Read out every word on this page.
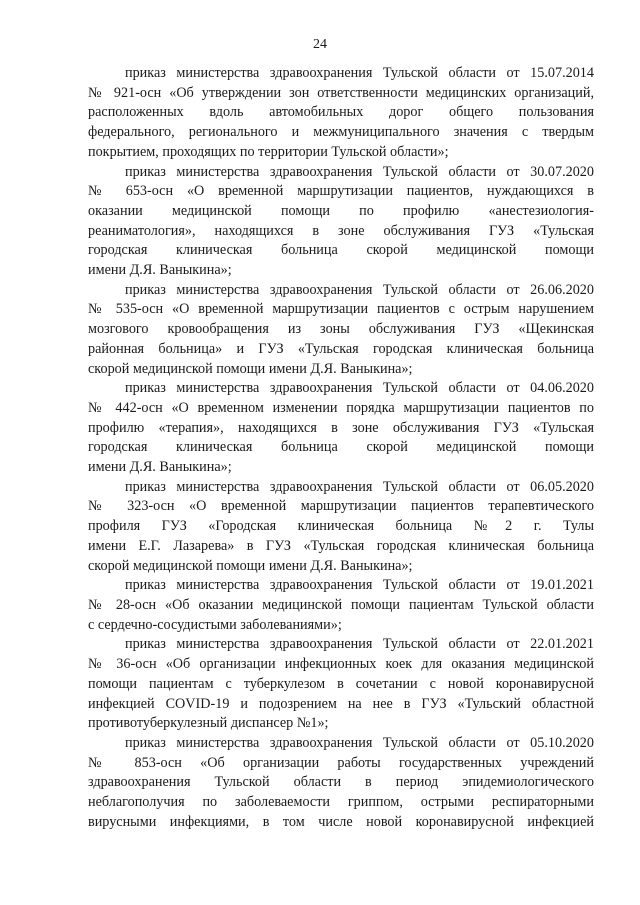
24

приказ министерства здравоохранения Тульской области от 15.07.2014
№ 921-осн «Об утверждении зон ответственности медицинских организаций,
расположенных вдоль автомобильных дорог общего пользования
федерального, регионального и межмуниципального значения с твердым
покрытием, проходящих по территории Тульской области»;

приказ министерства здравоохранения Тульской области от 30.07.2020
№ 653-осн «О временной маршрутизации пациентов, нуждающихся в
оказании медицинской помощи по профилю «анестезиология-
реаниматология», находящихся в зоне обслуживания ГУЗ «Тульская
городская клиническая больница скорой медицинской помощи
имени Д.Я. Ваныкина»;

приказ министерства здравоохранения Тульской области от 26.06.2020
№ 535-осн «О временной маршрутизации пациентов с острым нарушением
мозгового кровообращения из зоны обслуживания ГУЗ «Щекинская
районная больница» и ГУЗ «Тульская городская клиническая больница
скорой медицинской помощи имени Д.Я. Ваныкина»;

приказ министерства здравоохранения Тульской области от 04.06.2020
№ 442-осн «О временном изменении порядка маршрутизации пациентов по
профилю «терапия», находящихся в зоне обслуживания ГУЗ «Тульская
городская клиническая больница скорой медицинской помощи
имени Д.Я. Ваныкина»;

приказ министерства здравоохранения Тульской области от 06.05.2020
№ 323-осн «О временной маршрутизации пациентов терапевтического
профиля ГУЗ «Городская клиническая больница №2 г. Тулы
имени Е.Г. Лазарева» в ГУЗ «Тульская городская клиническая больница
скорой медицинской помощи имени Д.Я. Ваныкина»;

приказ министерства здравоохранения Тульской области от 19.01.2021
№ 28-осн «Об оказании медицинской помощи пациентам Тульской области
с сердечно-сосудистыми заболеваниями»;

приказ министерства здравоохранения Тульской области от 22.01.2021
№ 36-осн «Об организации инфекционных коек для оказания медицинской
помощи пациентам с туберкулезом в сочетании с новой коронавирусной
инфекцией COVID-19 и подозрением на нее в ГУЗ «Тульский областной
противотуберкулезный диспансер №1»;

приказ министерства здравоохранения Тульской области от 05.10.2020
№ 853-осн «Об организации работы государственных учреждений
здравоохранения Тульской области в период эпидемиологического
неблагополучия по заболеваемости гриппом, острыми респираторными
вирусными инфекциями, в том числе новой коронавирусной инфекцией
